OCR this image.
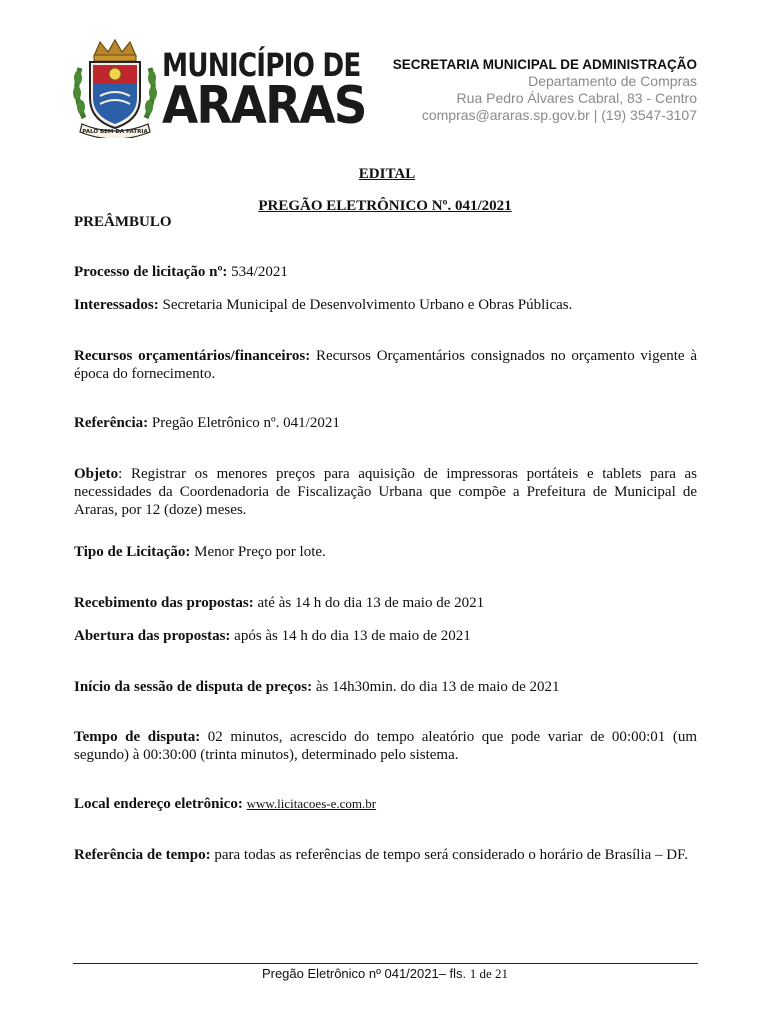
PALO BEM DA PATRIA
MUNICÍPIO DE
ARARAS
SECRETARIA MUNICIPAL DE ADMINISTRAÇÃO
Departamento de Compras
Rua Pedro Álvares Cabral, 83 - Centro
compras@araras.sp.gov.br | (19) 3547-3107
EDITAL
PREGÃO ELETRÔNICO Nº. 041/2021
PREÂMBULO
Processo de licitação nº: 534/2021
Interessados: Secretaria Municipal de Desenvolvimento Urbano e Obras Públicas.
Recursos orçamentários/financeiros: Recursos Orçamentários consignados no orçamento vigente à época do fornecimento.
Referência: Pregão Eletrônico nº. 041/2021
Objeto: Registrar os menores preços para aquisição de impressoras portáteis e tablets para as necessidades da Coordenadoria de Fiscalização Urbana que compõe a Prefeitura de Municipal de Araras, por 12 (doze) meses.
Tipo de Licitação: Menor Preço por lote.
Recebimento das propostas: até às 14 h do dia 13 de maio de 2021
Abertura das propostas: após às 14 h do dia 13 de maio de 2021
Início da sessão de disputa de preços: às 14h30min. do dia 13 de maio de 2021
Tempo de disputa: 02 minutos, acrescido do tempo aleatório que pode variar de 00:00:01 (um segundo) à 00:30:00 (trinta minutos), determinado pelo sistema.
Local endereço eletrônico: www.licitacoes-e.com.br
Referência de tempo: para todas as referências de tempo será considerado o horário de Brasília – DF.
Pregão Eletrônico nº 041/2021– fls. 1 de 21
